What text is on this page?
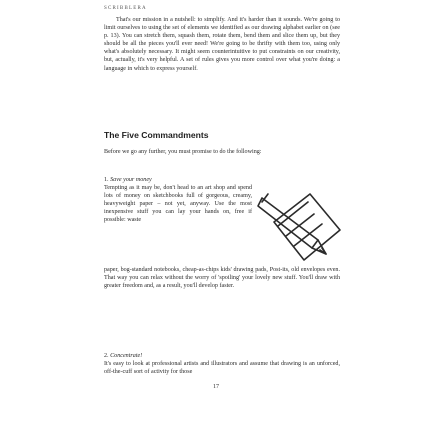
SCRIBBLERA

That's our mission in a nutshell: to simplify. And it's harder than it sounds. We're going to limit ourselves to using the set of elements we identified as our drawing alphabet earlier on (see p. 13). You can stretch them, squash them, rotate them, bend them and slice them up, but they should be all the pieces you'll ever need! We're going to be thrifty with them too, using only what's absolutely necessary. It might seem counterintuitive to put constraints on our creativity, but, actually, it's very helpful. A set of rules gives you more control over what you're doing: a language in which to express yourself.

The Five Commandments

Before we go any further, you must promise to do the following:

1. Save your money
Tempting as it may be, don't head to an art shop and spend lots of money on sketchbooks full of gorgeous, creamy, heavyweight paper – not yet, anyway. Use the most inexpensive stuff you can lay your hands on, free if possible: waste

paper, bog-standard notebooks, cheap-as-chips kids' drawing pads, Post-its, old envelopes even. That way you can relax without the worry of 'spoiling' your lovely new stuff. You'll draw with greater freedom and, as a result, you'll develop faster.

2. Concentrate!
It's easy to look at professional artists and illustrators and assume that drawing is an unforced, off-the-cuff sort of activity for those

17
